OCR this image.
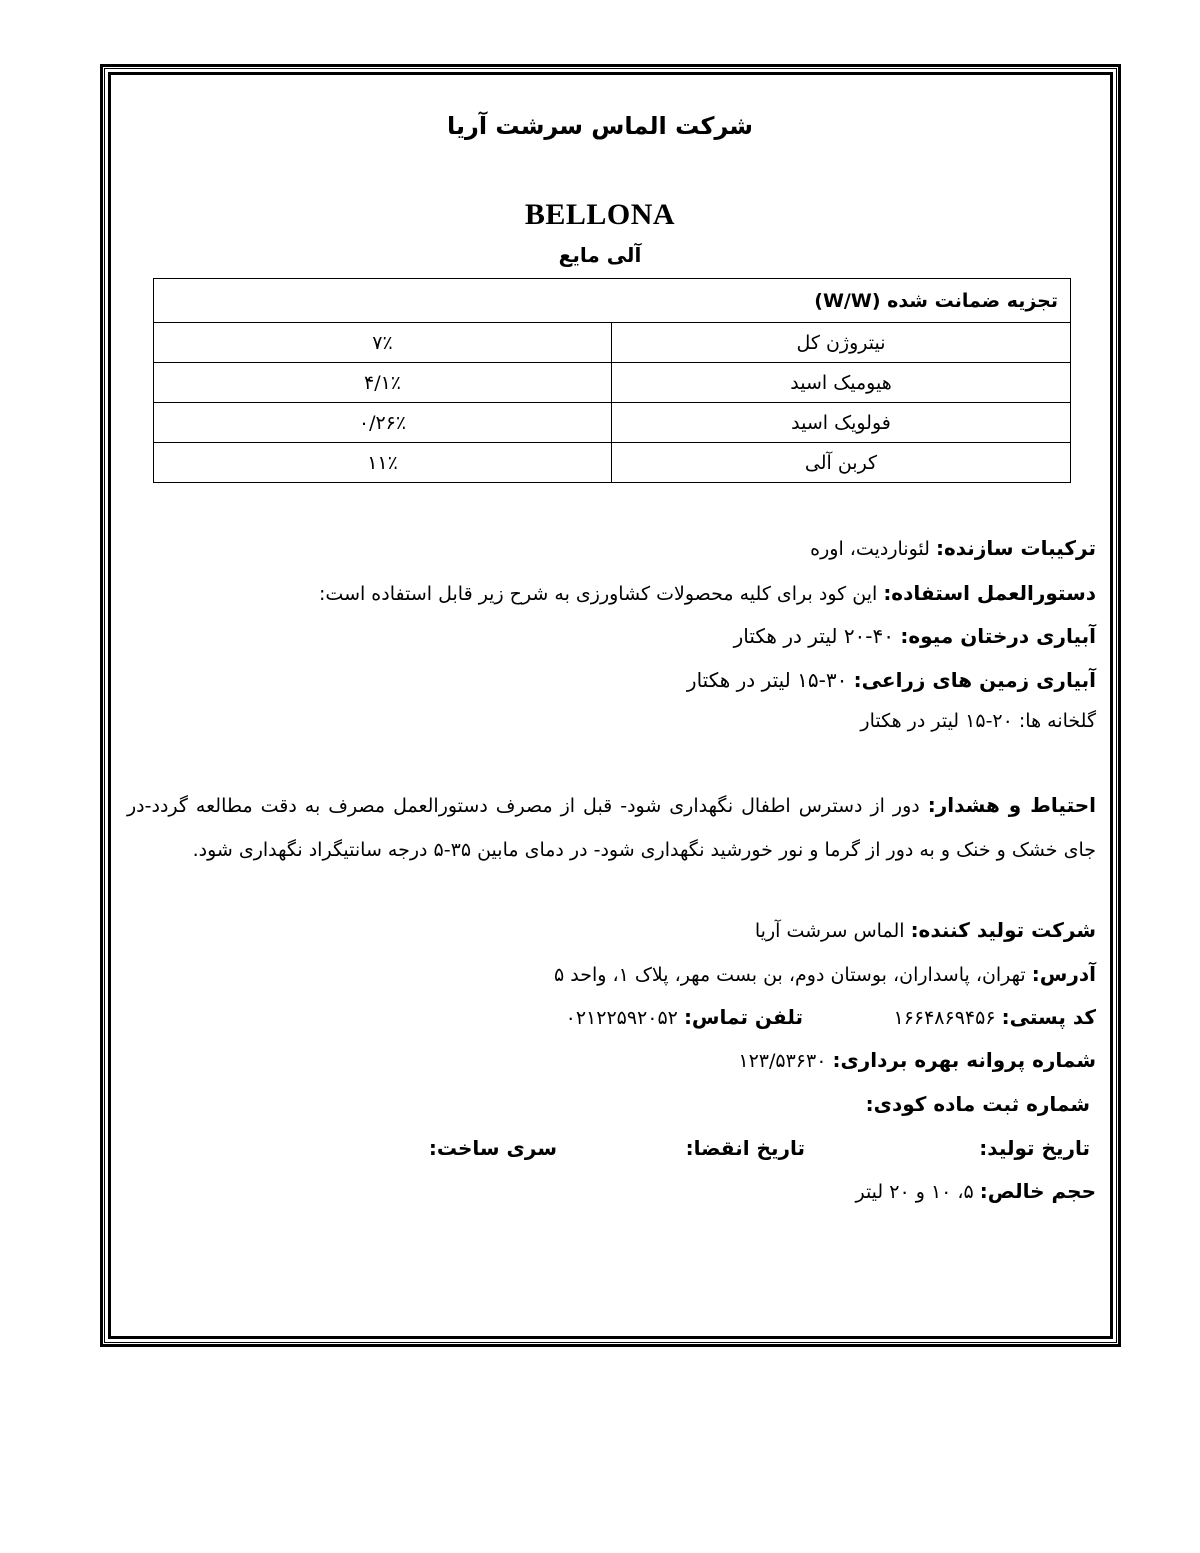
شرکت الماس سرشت آریا
BELLONA
آلی مایع
تجزیه ضمانت شده (W/W)	
نیتروژن کل	۷٪
هیومیک اسید	۴/۱٪
فولویک اسید	۰/۲۶٪
کربن آلی	۱۱٪
ترکیبات سازنده: لئوناردیت، اوره
دستورالعمل استفاده: این کود برای کلیه محصولات کشاورزی به شرح زیر قابل استفاده است:
آبیاری درختان میوه: ۴۰-۲۰ لیتر در هکتار
آبیاری زمین های زراعی: ۳۰-۱۵ لیتر در هکتار
گلخانه ها: ۲۰-۱۵ لیتر در هکتار
احتیاط و هشدار: دور از دسترس اطفال نگهداری شود- قبل از مصرف دستورالعمل مصرف به دقت مطالعه گردد-در جای خشک و خنک و به دور از گرما و نور خورشید نگهداری شود- در دمای مابین ۳۵-۵ درجه سانتیگراد نگهداری شود.
شرکت تولید کننده: الماس سرشت آریا
آدرس: تهران، پاسداران، بوستان دوم، بن بست مهر، پلاک ۱، واحد ۵
کد پستی: ۱۶۶۴۸۶۹۴۵۶
تلفن تماس: ۰۲۱۲۲۵۹۲۰۵۲
شماره پروانه بهره برداری: ۱۲۳/۵۳۶۳۰
شماره ثبت ماده کودی:
تاریخ تولید:
تاریخ انقضا:
سری ساخت:
حجم خالص: ۵، ۱۰ و ۲۰ لیتر
